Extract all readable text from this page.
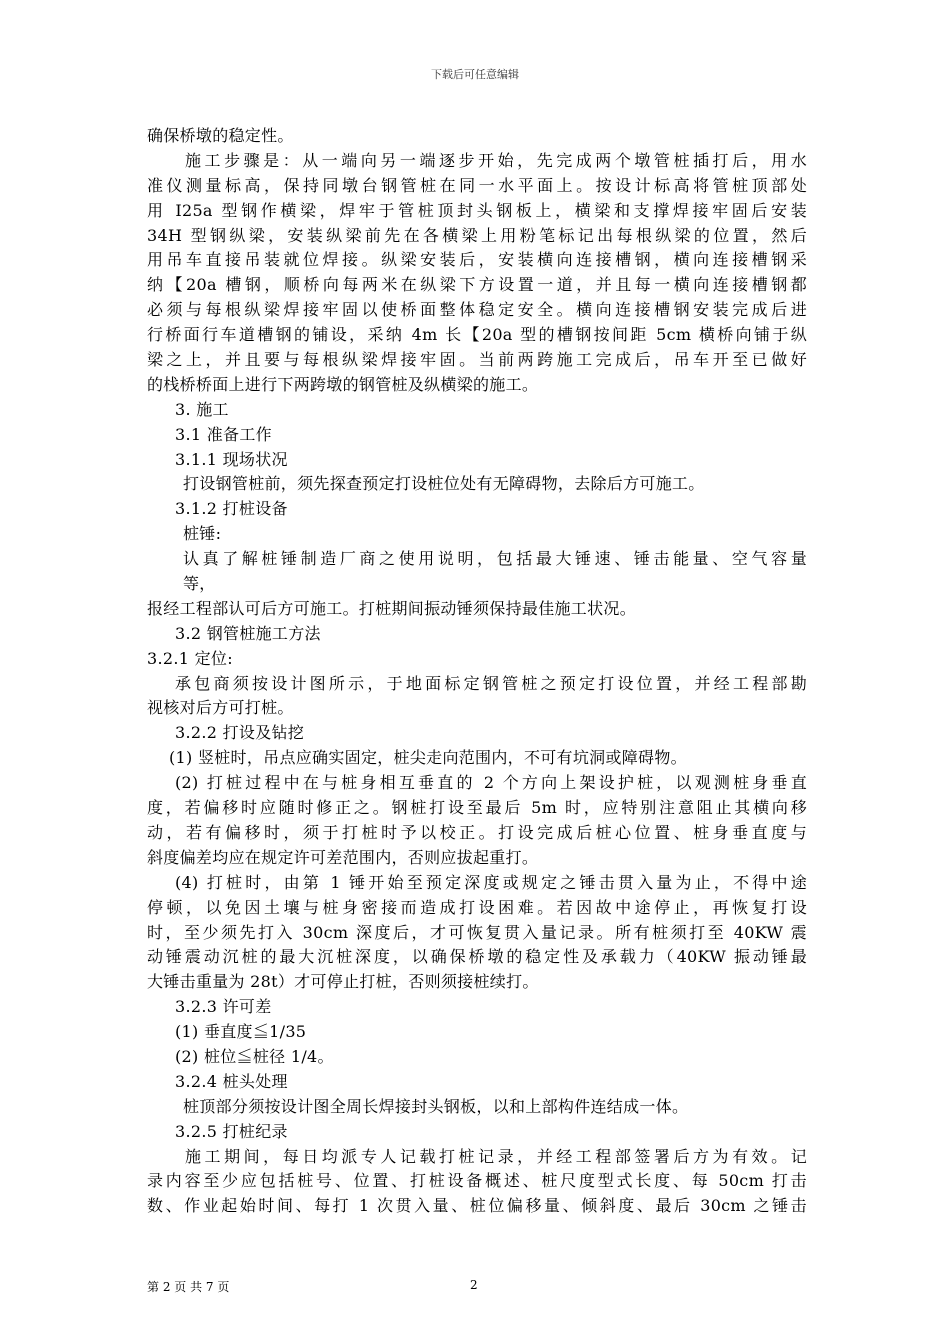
下载后可任意编辑
确保桥墩的稳定性。
施工步骤是：从一端向另一端逐步开始，先完成两个墩管桩插打后，用水
准仪测量标高，保持同墩台钢管桩在同一水平面上。按设计标高将管桩顶部处
用 I25a 型钢作横梁，焊牢于管桩顶封头钢板上，横梁和支撑焊接牢固后安装
34H 型钢纵梁，安装纵梁前先在各横梁上用粉笔标记出每根纵梁的位置，然后
用吊车直接吊装就位焊接。纵梁安装后，安装横向连接槽钢，横向连接槽钢采
纳【20a 槽钢，顺桥向每两米在纵梁下方设置一道，并且每一横向连接槽钢都
必须与每根纵梁焊接牢固以使桥面整体稳定安全。横向连接槽钢安装完成后进
行桥面行车道槽钢的铺设，采纳 4m 长【20a 型的槽钢按间距 5cm 横桥向铺于纵
梁之上，并且要与每根纵梁焊接牢固。当前两跨施工完成后，吊车开至已做好
的栈桥桥面上进行下两跨墩的钢管桩及纵横梁的施工。
3. 施工
3.1 准备工作
3.1.1 现场状况
打设钢管桩前，须先探查预定打设桩位处有无障碍物，去除后方可施工。
3.1.2 打桩设备
桩锤:
认真了解桩锤制造厂商之使用说明，包括最大锤速、锤击能量、空气容量
等，
报经工程部认可后方可施工。打桩期间振动锤须保持最佳施工状况。
3.2 钢管桩施工方法
3.2.1 定位:
承包商须按设计图所示，于地面标定钢管桩之预定打设位置，并经工程部勘
视核对后方可打桩。
3.2.2 打设及钻挖
(1) 竖桩时，吊点应确实固定，桩尖走向范围内，不可有坑洞或障碍物。
(2) 打桩过程中在与桩身相互垂直的 2 个方向上架设护桩，以观测桩身垂直
度，若偏移时应随时修正之。钢桩打设至最后 5m 时，应特别注意阻止其横向移
动，若有偏移时，须于打桩时予以校正。打设完成后桩心位置、桩身垂直度与
斜度偏差均应在规定许可差范围内，否则应拔起重打。
(4) 打桩时，由第 1 锤开始至预定深度或规定之锤击贯入量为止，不得中途
停顿，以免因土壤与桩身密接而造成打设困难。若因故中途停止，再恢复打设
时，至少须先打入 30cm 深度后，才可恢复贯入量记录。所有桩须打至 40KW 震
动锤震动沉桩的最大沉桩深度，以确保桥墩的稳定性及承载力（40KW 振动锤最
大锤击重量为 28t）才可停止打桩，否则须接桩续打。
3.2.3 许可差
(1) 垂直度≦1/35
(2) 桩位≦桩径 1/4。
3.2.4 桩头处理
桩顶部分须按设计图全周长焊接封头钢板，以和上部构件连结成一体。
3.2.5 打桩纪录
施工期间，每日均派专人记载打桩记录，并经工程部签署后方为有效。记
录内容至少应包括桩号、位置、打桩设备概述、桩尺度型式长度、每 50cm 打击
数、作业起始时间、每打 1 次贯入量、桩位偏移量、倾斜度、最后 30cm 之锤击
第 2 页 共 7 页	2
